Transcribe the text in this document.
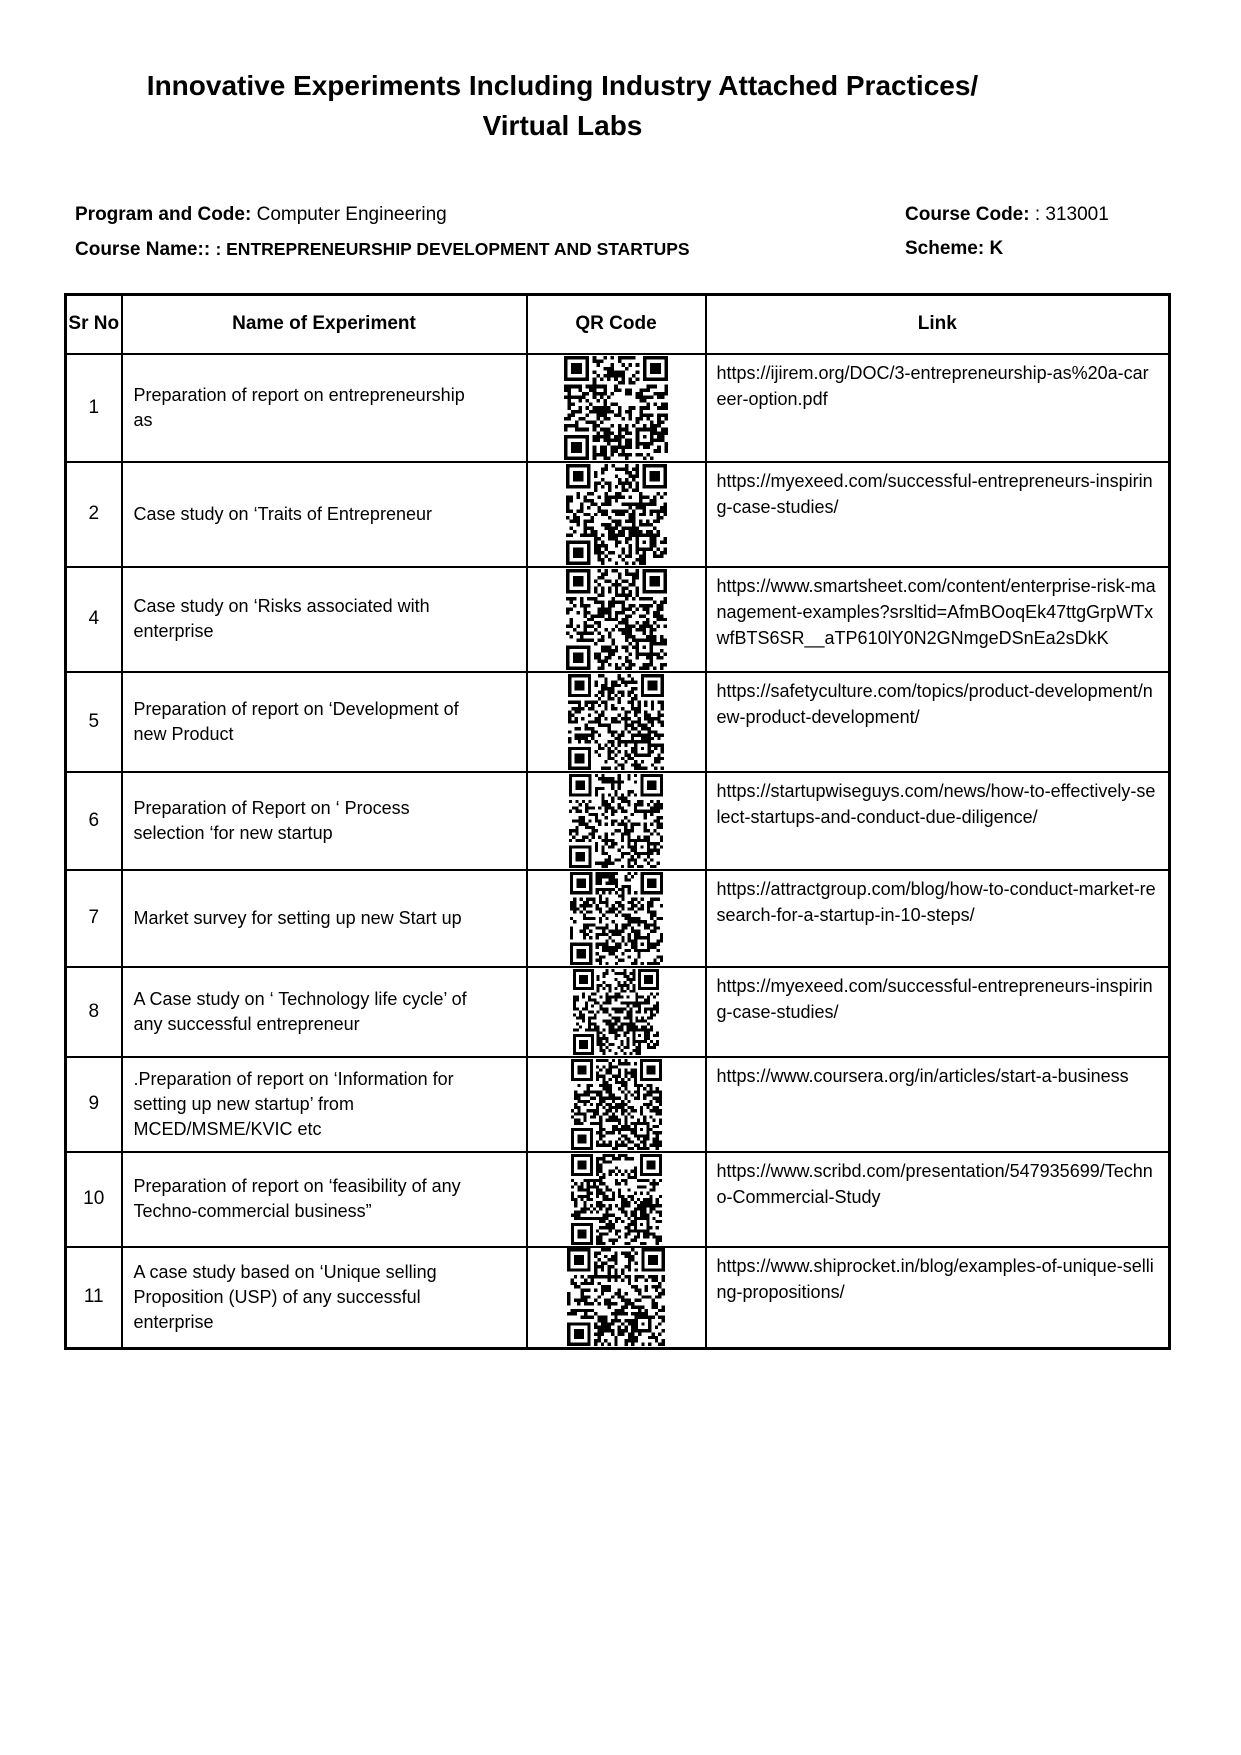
Innovative Experiments Including Industry Attached Practices/
Virtual Labs
Program and Code: Computer Engineering	Course Code: : 313001
Course Name:: : ENTREPRENEURSHIP DEVELOPMENT AND STARTUPS	Scheme: K
Sr No	Name of Experiment	QR Code	Link
1	Preparation of report on entrepreneurship as		https://ijirem.org/DOC/3-entrepreneurship-as%20a-career-option.pdf
2	Case study on ‘Traits of Entrepreneur		https://myexeed.com/successful-entrepreneurs-inspiring-case-studies/
4	Case study on ‘Risks associated with enterprise		https://www.smartsheet.com/content/enterprise-risk-management-examples?srsltid=AfmBOoqEk47ttgGrpWTxwfBTS6SR__aTP610lY0N2GNmgeDSnEa2sDkK
5	Preparation of report on ‘Development of new Product		https://safetyculture.com/topics/product-development/new-product-development/
6	Preparation of Report on ‘ Process selection ‘for new startup		https://startupwiseguys.com/news/how-to-effectively-select-startups-and-conduct-due-diligence/
7	Market survey for setting up new Start up		https://attractgroup.com/blog/how-to-conduct-market-research-for-a-startup-in-10-steps/
8	A Case study on ‘ Technology life cycle’ of any successful entrepreneur		https://myexeed.com/successful-entrepreneurs-inspiring-case-studies/
9	.Preparation of report on ‘Information for setting up new startup’ from MCED/MSME/KVIC etc		https://www.coursera.org/in/articles/start-a-business
10	Preparation of report on ‘feasibility of any Techno-commercial business”		https://www.scribd.com/presentation/547935699/Techno-Commercial-Study
11	A case study based on ‘Unique selling Proposition (USP) of any successful enterprise		https://www.shiprocket.in/blog/examples-of-unique-selling-propositions/
